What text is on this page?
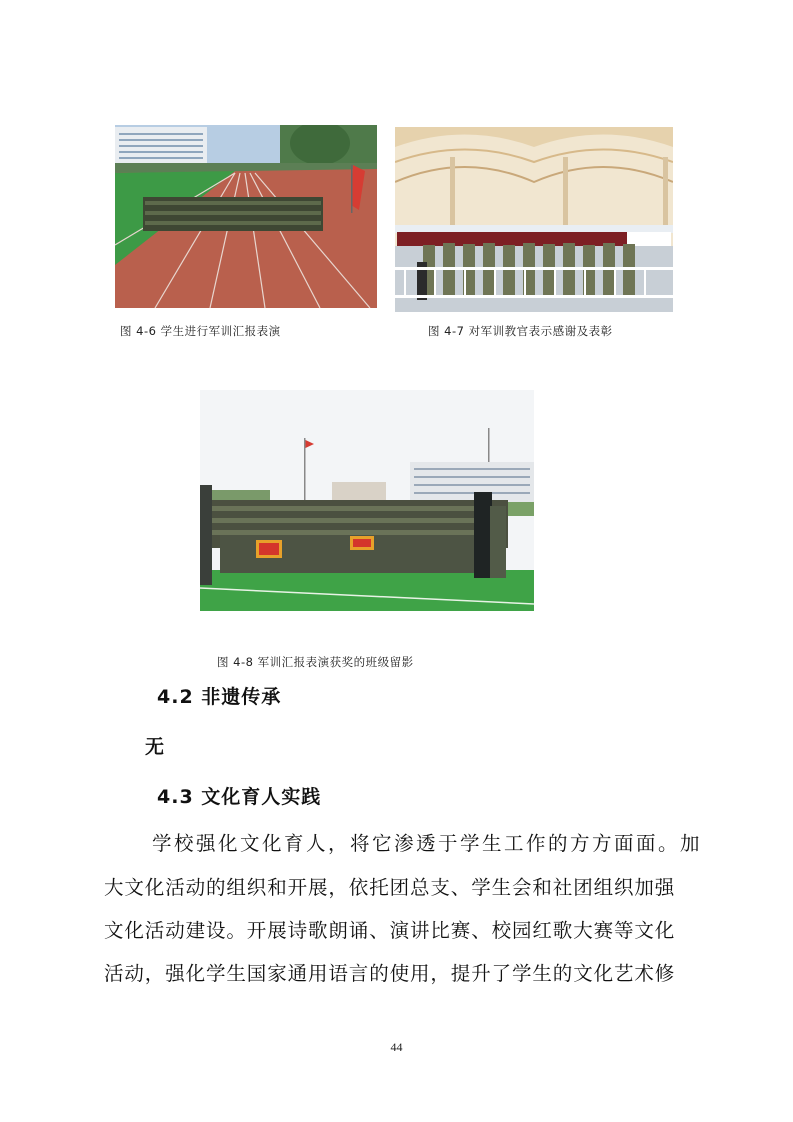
图 4-6 学生进行军训汇报表演	图 4-7 对军训教官表示感谢及表彰
图 4-8 军训汇报表演获奖的班级留影
4.2 非遗传承
无
4.3 文化育人实践
学校强化文化育人，将它渗透于学生工作的方方面面。加
大文化活动的组织和开展，依托团总支、学生会和社团组织加强
文化活动建设。开展诗歌朗诵、演讲比赛、校园红歌大赛等文化
活动，强化学生国家通用语言的使用，提升了学生的文化艺术修
44
